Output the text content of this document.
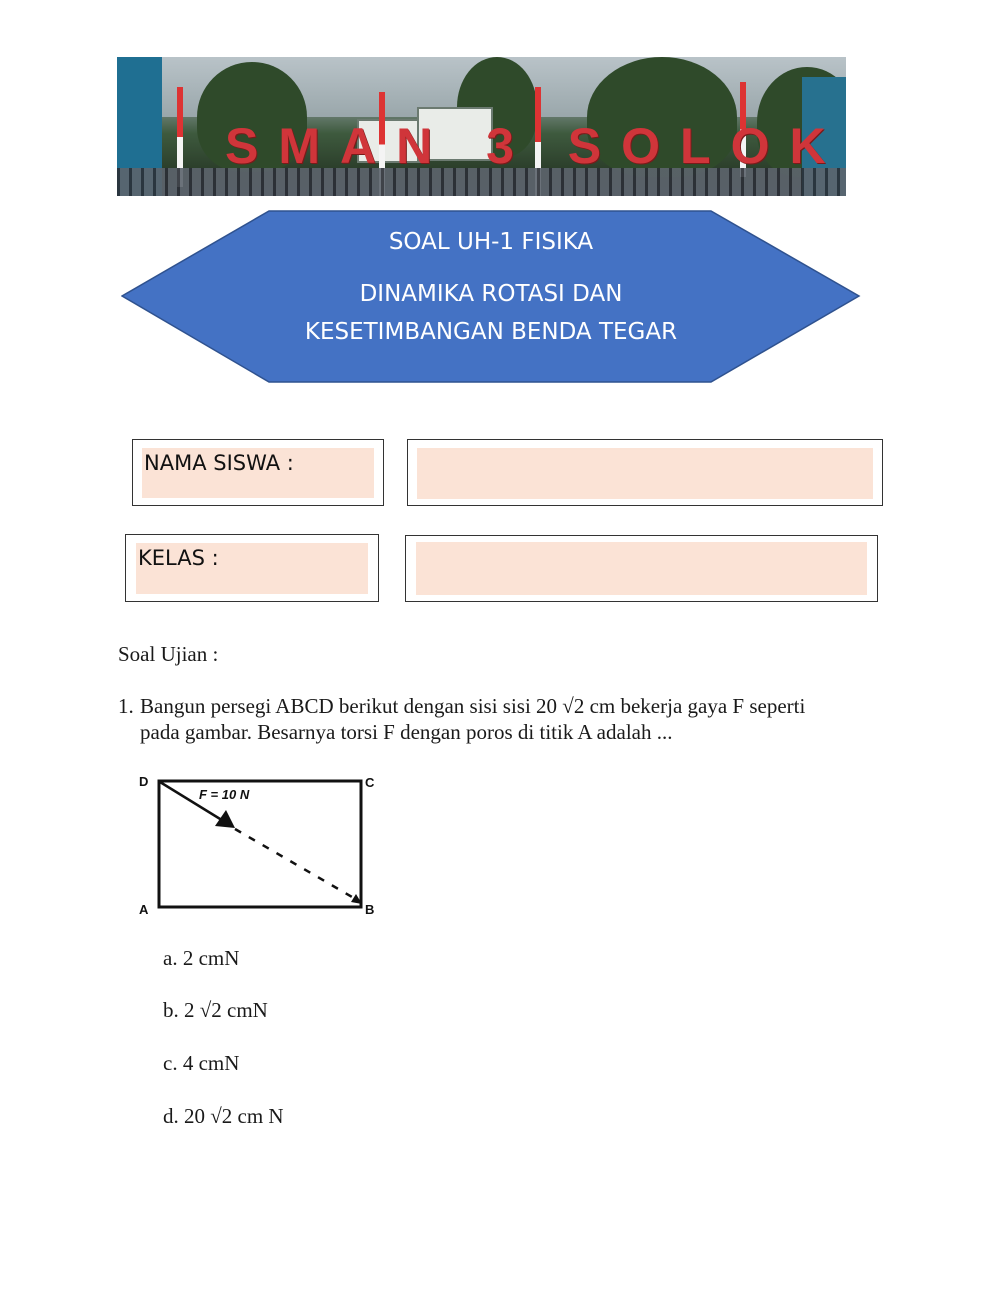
SMAN 3 SOLOK
SOAL UH-1 FISIKA
DINAMIKA ROTASI DAN
KESETIMBANGAN BENDA TEGAR
NAMA SISWA :
KELAS :
Soal Ujian :
1. Bangun persegi ABCD berikut dengan sisi sisi 20 √2 cm bekerja gaya F seperti
pada gambar. Besarnya torsi F dengan poros di titik A adalah ...
D	C
A	B
F = 10 N
a. 2 cmN
b. 2 √2 cmN
c. 4 cmN
d. 20 √2 cm N
